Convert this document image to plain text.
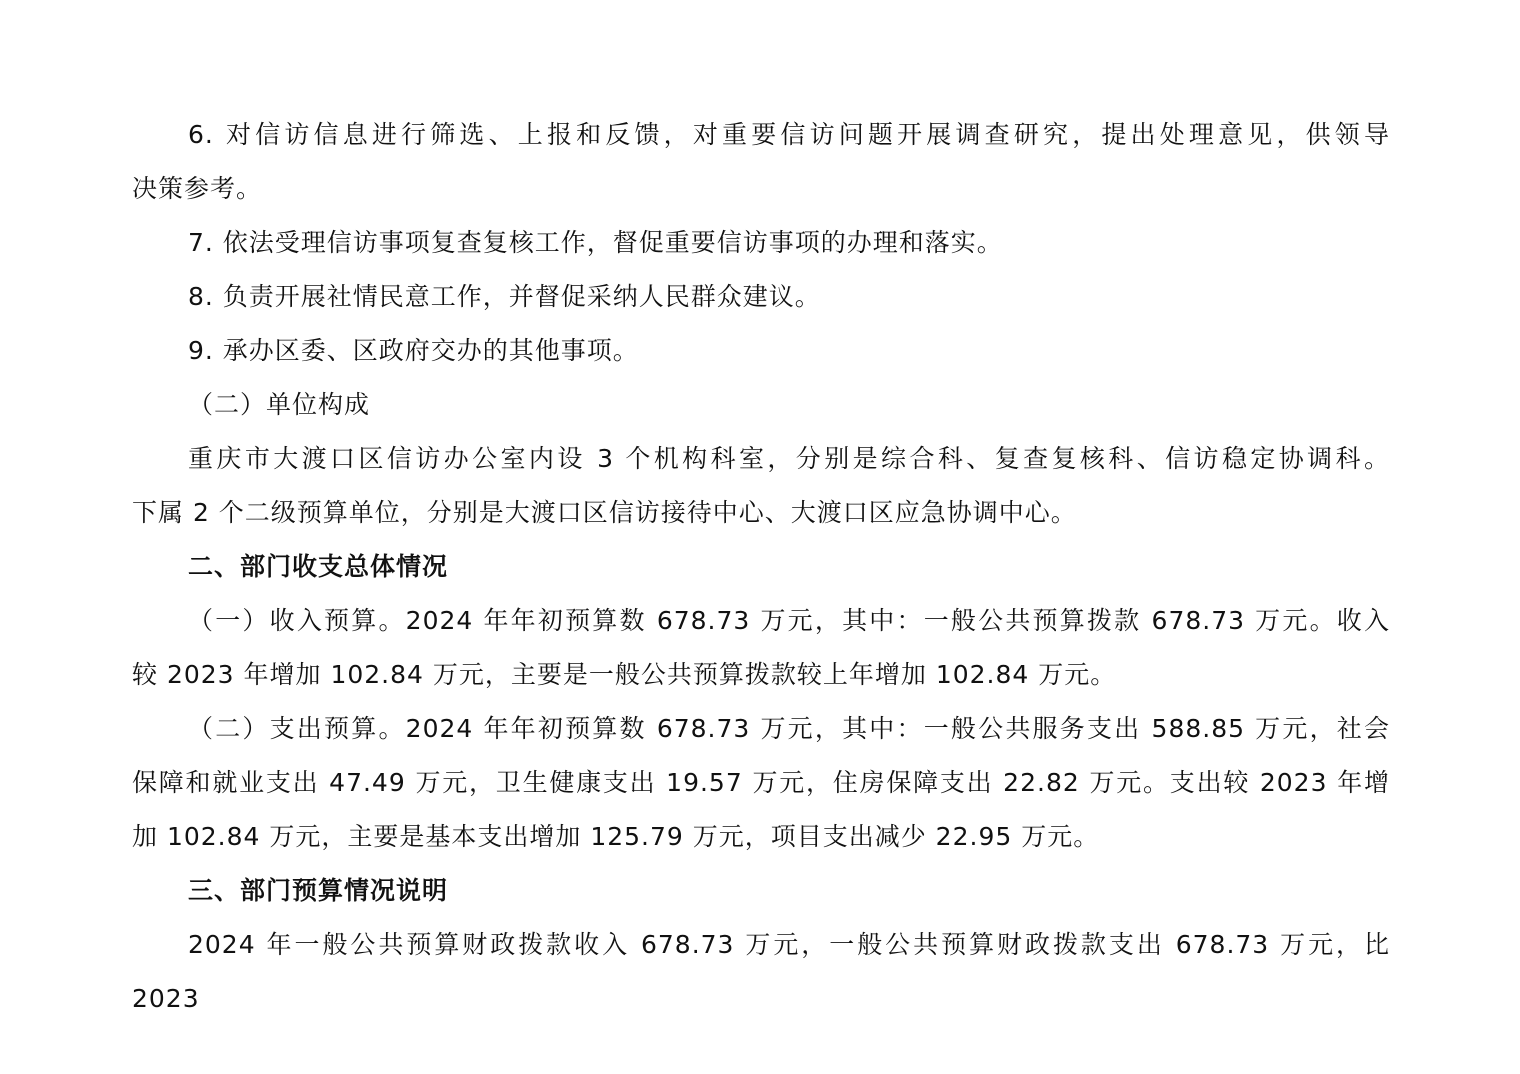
6. 对信访信息进行筛选、上报和反馈，对重要信访问题开展调查研究，提出处理意见，供领导

决策参考。

7. 依法受理信访事项复查复核工作，督促重要信访事项的办理和落实。

8. 负责开展社情民意工作，并督促采纳人民群众建议。

9. 承办区委、区政府交办的其他事项。

（二）单位构成

重庆市大渡口区信访办公室内设 3 个机构科室，分别是综合科、复查复核科、信访稳定协调科。

下属 2 个二级预算单位，分别是大渡口区信访接待中心、大渡口区应急协调中心。

二、部门收支总体情况

（一）收入预算。2024 年年初预算数 678.73 万元，其中：一般公共预算拨款 678.73 万元。收入

较 2023 年增加 102.84 万元，主要是一般公共预算拨款较上年增加 102.84 万元。

（二）支出预算。2024 年年初预算数 678.73 万元，其中：一般公共服务支出 588.85 万元，社会

保障和就业支出 47.49 万元，卫生健康支出 19.57 万元，住房保障支出 22.82 万元。支出较 2023 年增

加 102.84 万元，主要是基本支出增加 125.79 万元，项目支出减少 22.95 万元。

三、部门预算情况说明

2024 年一般公共预算财政拨款收入 678.73 万元，一般公共预算财政拨款支出 678.73 万元，比 2023
